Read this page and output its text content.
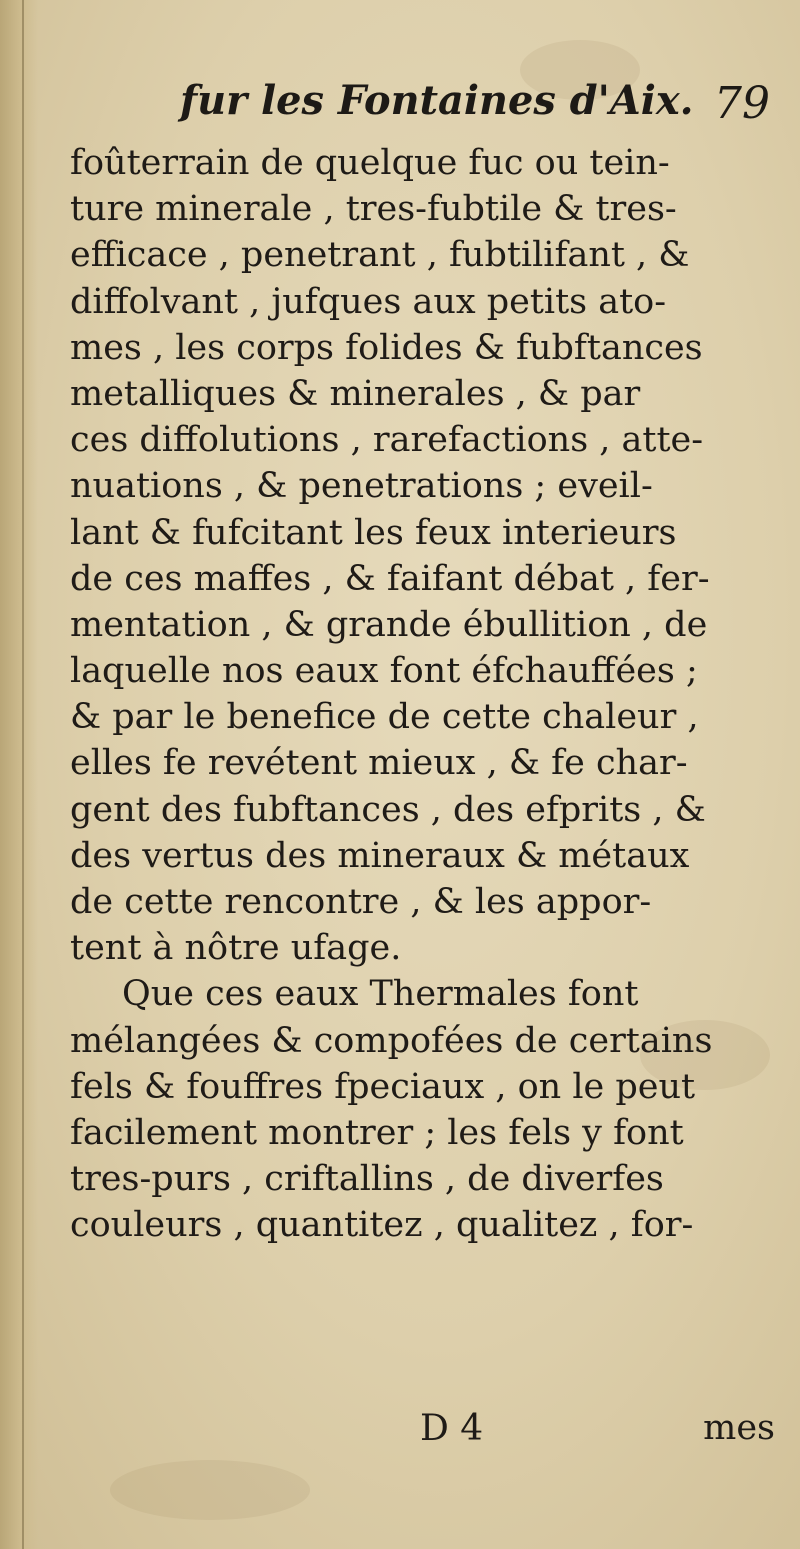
fur les Fontaines d'Aix. 79
foûterrain de quelque fuc ou tein-
ture minerale , tres-fubtile & tres-
efficace , penetrant , fubtilifant , &
diffolvant , jufques aux petits ato-
mes , les corps folides & fubftances
metalliques & minerales , & par
ces diffolutions , rarefactions , atte-
nuations , & penetrations ; eveil-
lant & fufcitant les feux interieurs
de ces maffes , & faifant débat , fer-
mentation , & grande ébullition , de
laquelle nos eaux font éfchauffées ;
& par le benefice de cette chaleur ,
elles fe revétent mieux , & fe char-
gent des fubftances , des efprits , &
des vertus des mineraux & métaux
de cette rencontre , & les appor-
tent à nôtre ufage.
Que ces eaux Thermales font
mélangées & compofées de certains
fels & fouffres fpeciaux , on le peut
facilement montrer ; les fels y font
tres-purs , criftallins , de diverfes
couleurs , quantitez , qualitez , for-
D 4	mes
